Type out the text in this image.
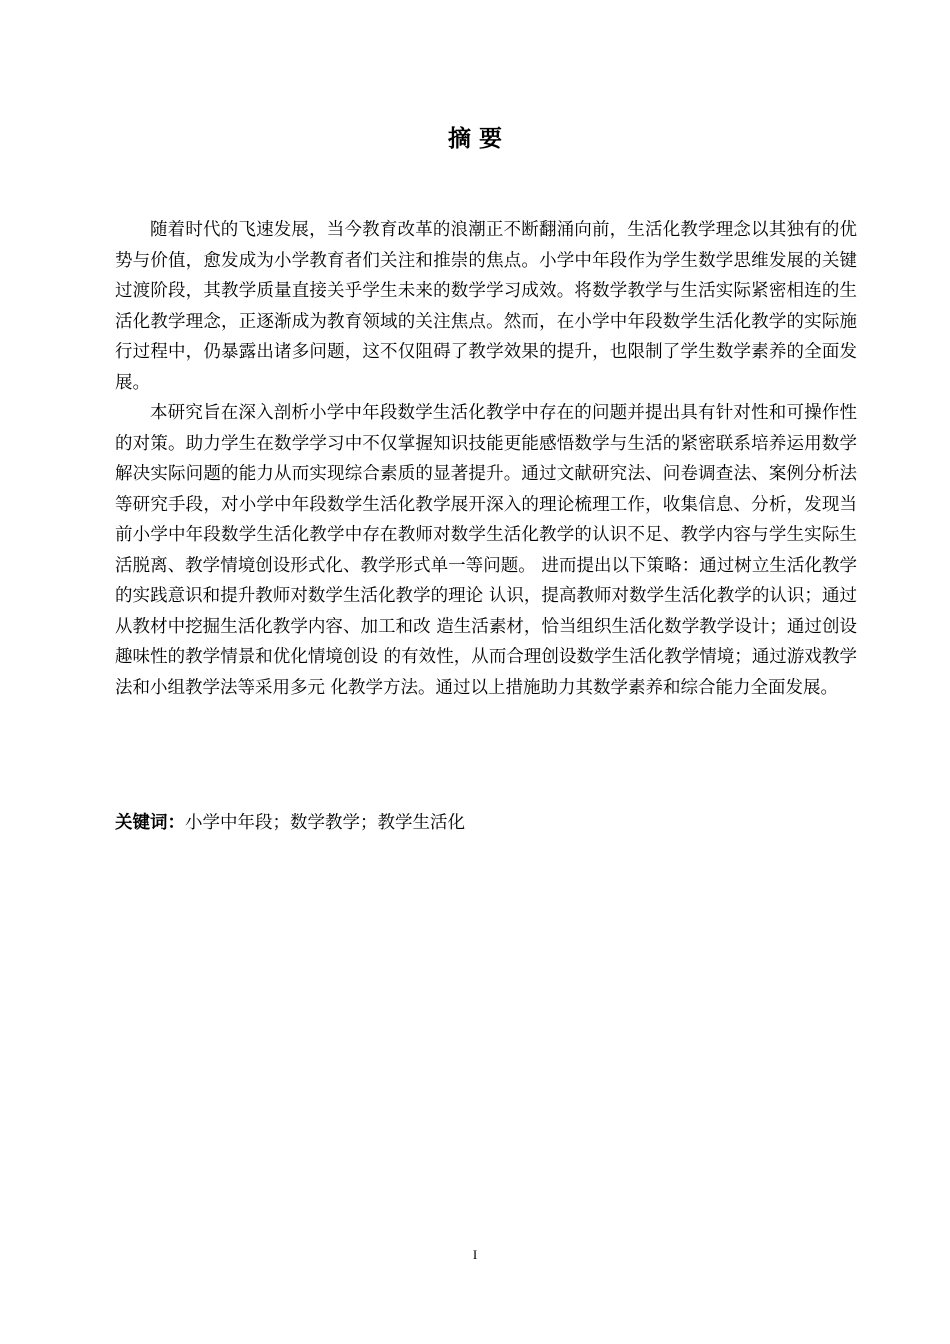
摘 要

随着时代的飞速发展，当今教育改革的浪潮正不断翻涌向前，生活化教学理念以其独有的优势与价值，愈发成为小学教育者们关注和推崇的焦点。小学中年段作为学生数学思维发展的关键过渡阶段，其教学质量直接关乎学生未来的数学学习成效。将数学教学与生活实际紧密相连的生活化教学理念，正逐渐成为教育领域的关注焦点。然而，在小学中年段数学生活化教学的实际施行过程中，仍暴露出诸多问题，这不仅阻碍了教学效果的提升，也限制了学生数学素养的全面发展。

本研究旨在深入剖析小学中年段数学生活化教学中存在的问题并提出具有针对性和可操作性的对策。助力学生在数学学习中不仅掌握知识技能更能感悟数学与生活的紧密联系培养运用数学解决实际问题的能力从而实现综合素质的显著提升。通过文献研究法、问卷调查法、案例分析法等研究手段，对小学中年段数学生活化教学展开深入的理论梳理工作，收集信息、分析，发现当前小学中年段数学生活化教学中存在教师对数学生活化教学的认识不足、教学内容与学生实际生活脱离、教学情境创设形式化、教学形式单一等问题。 进而提出以下策略：通过树立生活化教学的实践意识和提升教师对数学生活化教学的理论 认识，提高教师对数学生活化教学的认识；通过从教材中挖掘生活化教学内容、加工和改 造生活素材，恰当组织生活化数学教学设计；通过创设趣味性的教学情景和优化情境创设 的有效性，从而合理创设数学生活化教学情境；通过游戏教学法和小组教学法等采用多元 化教学方法。通过以上措施助力其数学素养和综合能力全面发展。

关键词：小学中年段；数学教学；教学生活化

I
